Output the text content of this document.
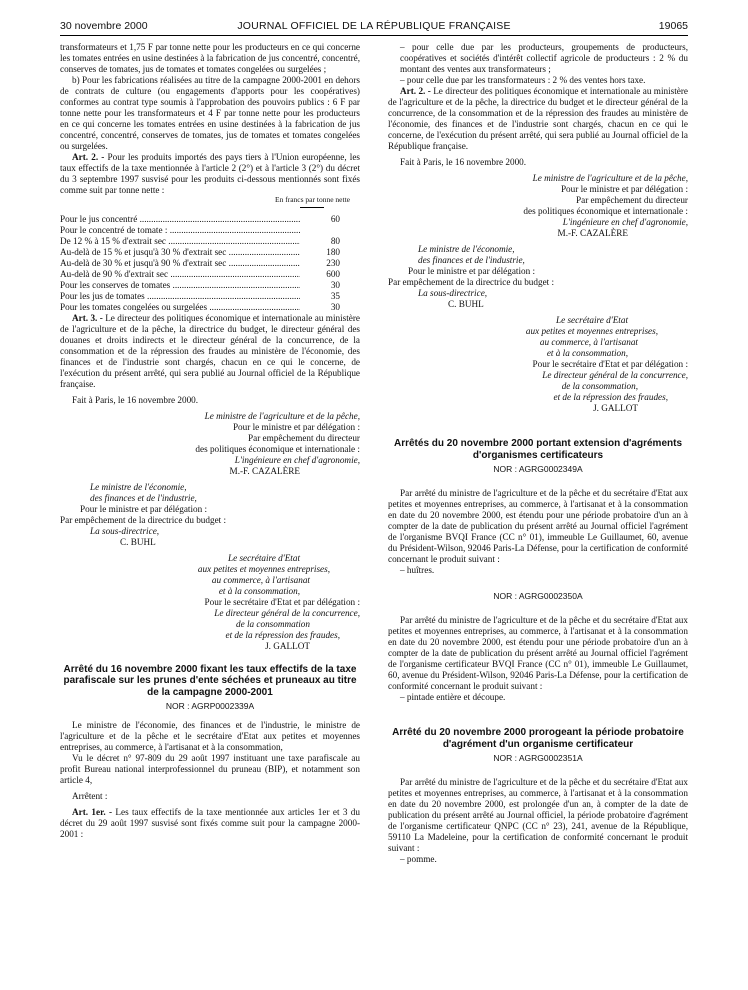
30 novembre 2000	JOURNAL OFFICIEL DE LA RÉPUBLIQUE FRANÇAISE	19065

transformateurs et 1,75 F par tonne nette pour les producteurs en ce qui concerne les tomates entrées en usine destinées à la fabrication de jus concentré, concentré, conserves de tomates, jus de tomates et tomates congelées ou surgelées ;

b) Pour les fabrications réalisées au titre de la campagne 2000-2001 en dehors de contrats de culture (ou engagements d'apports pour les coopératives) conformes au contrat type soumis à l'approbation des pouvoirs publics : 6 F par tonne nette pour les transformateurs et 4 F par tonne nette pour les producteurs en ce qui concerne les tomates entrées en usine destinées à la fabrication de jus concentré, concentré, conserves de tomates, jus de tomates et tomates congelées ou surgelées.

Art. 2. - Pour les produits importés des pays tiers à l'Union européenne, les taux effectifs de la taxe mentionnée à l'article 2 (2°) et à l'article 3 (2°) du décret du 3 septembre 1997 susvisé pour les produits ci-dessous mentionnés sont fixés comme suit par tonne nette :

En francs par tonne nette
Pour le jus concentré .....	60
Pour le concentré de tomate : .....
De 12 % à 15 % d'extrait sec .....	80
Au-delà de 15 % et jusqu'à 30 % d'extrait sec .....	180
Au-delà de 30 % et jusqu'à 90 % d'extrait sec .....	230
Au-delà de 90 % d'extrait sec .....	600
Pour les conserves de tomates .....	30
Pour les jus de tomates .....	35
Pour les tomates congelées ou surgelées .....	30

Art. 3. - Le directeur des politiques économique et internationale au ministère de l'agriculture et de la pêche, la directrice du budget, le directeur général des douanes et droits indirects et le directeur général de la concurrence, de la consommation et de la répression des fraudes au ministère de l'économie, des finances et de l'industrie sont chargés, chacun en ce qui le concerne, de l'exécution du présent arrêté, qui sera publié au Journal officiel de la République française.

Fait à Paris, le 16 novembre 2000.

Le ministre de l'agriculture et de la pêche,

Pour le ministre et par délégation :

Par empêchement du directeur

des politiques économique et internationale :

L'ingénieure en chef d'agronomie,

M.-F. CAZALÈRE

Le ministre de l'économie,

des finances et de l'industrie,

Pour le ministre et par délégation :

Par empêchement de la directrice du budget :

La sous-directrice,

C. BUHL

Le secrétaire d'Etat

aux petites et moyennes entreprises,

au commerce, à l'artisanat

et à la consommation,

Pour le secrétaire d'Etat et par délégation :

Le directeur général de la concurrence,

de la consommation

et de la répression des fraudes,

J. GALLOT

Arrêté du 16 novembre 2000 fixant les taux effectifs de la taxe parafiscale sur les prunes d'ente séchées et pruneaux au titre de la campagne 2000-2001

NOR : AGRP0002339A

Le ministre de l'économie, des finances et de l'industrie, le ministre de l'agriculture et de la pêche et le secrétaire d'Etat aux petites et moyennes entreprises, au commerce, à l'artisanat et à la consommation,

Vu le décret n° 97-809 du 29 août 1997 instituant une taxe parafiscale au profit Bureau national interprofessionnel du pruneau (BIP), et notamment son article 4,

Arrêtent :

Art. 1er. - Les taux effectifs de la taxe mentionnée aux articles 1er et 3 du décret du 29 août 1997 susvisé sont fixés comme suit pour la campagne 2000-2001 :

– pour celle due par les producteurs, groupements de producteurs, coopératives et sociétés d'intérêt collectif agricole de producteurs : 2 % du montant des ventes aux transformateurs ;

– pour celle due par les transformateurs : 2 % des ventes hors taxe.

Art. 2. - Le directeur des politiques économique et internationale au ministère de l'agriculture et de la pêche, la directrice du budget et le directeur général de la concurrence, de la consommation et de la répression des fraudes au ministère de l'économie, des finances et de l'industrie sont chargés, chacun en ce qui le concerne, de l'exécution du présent arrêté, qui sera publié au Journal officiel de la République française.

Fait à Paris, le 16 novembre 2000.

Le ministre de l'agriculture et de la pêche,

Pour le ministre et par délégation :

Par empêchement du directeur

des politiques économique et internationale :

L'ingénieure en chef d'agronomie,

M.-F. CAZALÈRE

Le ministre de l'économie,

des finances et de l'industrie,

Pour le ministre et par délégation :

Par empêchement de la directrice du budget :

La sous-directrice,

C. BUHL

Le secrétaire d'Etat

aux petites et moyennes entreprises,

au commerce, à l'artisanat

et à la consommation,

Pour le secrétaire d'Etat et par délégation :

Le directeur général de la concurrence,

de la consommation,

et de la répression des fraudes,

J. GALLOT

Arrêtés du 20 novembre 2000 portant extension d'agréments d'organismes certificateurs

NOR : AGRG0002349A

Par arrêté du ministre de l'agriculture et de la pêche et du secrétaire d'Etat aux petites et moyennes entreprises, au commerce, à l'artisanat et à la consommation en date du 20 novembre 2000, est étendu pour une période probatoire d'un an à compter de la date de publication du présent arrêté au Journal officiel l'agrément de l'organisme BVQI France (CC n° 01), immeuble Le Guillaumet, 60, avenue du Président-Wilson, 92046 Paris-La Défense, pour la certification de conformité concernant le produit suivant :

– huîtres.

NOR : AGRG0002350A

Par arrêté du ministre de l'agriculture et de la pêche et du secrétaire d'Etat aux petites et moyennes entreprises, au commerce, à l'artisanat et à la consommation en date du 20 novembre 2000, est étendu pour une période probatoire d'un an à compter de la date de publication du présent arrêté au Journal officiel l'agrément de l'organisme certificateur BVQI France (CC n° 01), immeuble Le Guillaumet, 60, avenue du Président-Wilson, 92046 Paris-La Défense, pour la certification de conformité concernant le produit suivant :

– pintade entière et découpe.

Arrêté du 20 novembre 2000 prorogeant la période probatoire d'agrément d'un organisme certificateur

NOR : AGRG0002351A

Par arrêté du ministre de l'agriculture et de la pêche et du secrétaire d'Etat aux petites et moyennes entreprises, au commerce, à l'artisanat et à la consommation en date du 20 novembre 2000, est prolongée d'un an, à compter de la date de publication du présent arrêté au Journal officiel, la période probatoire d'agrément de l'organisme certificateur QNPC (CC n° 23), 241, avenue de la République, 59110 La Madeleine, pour la certification de conformité concernant le produit suivant :

– pomme.
